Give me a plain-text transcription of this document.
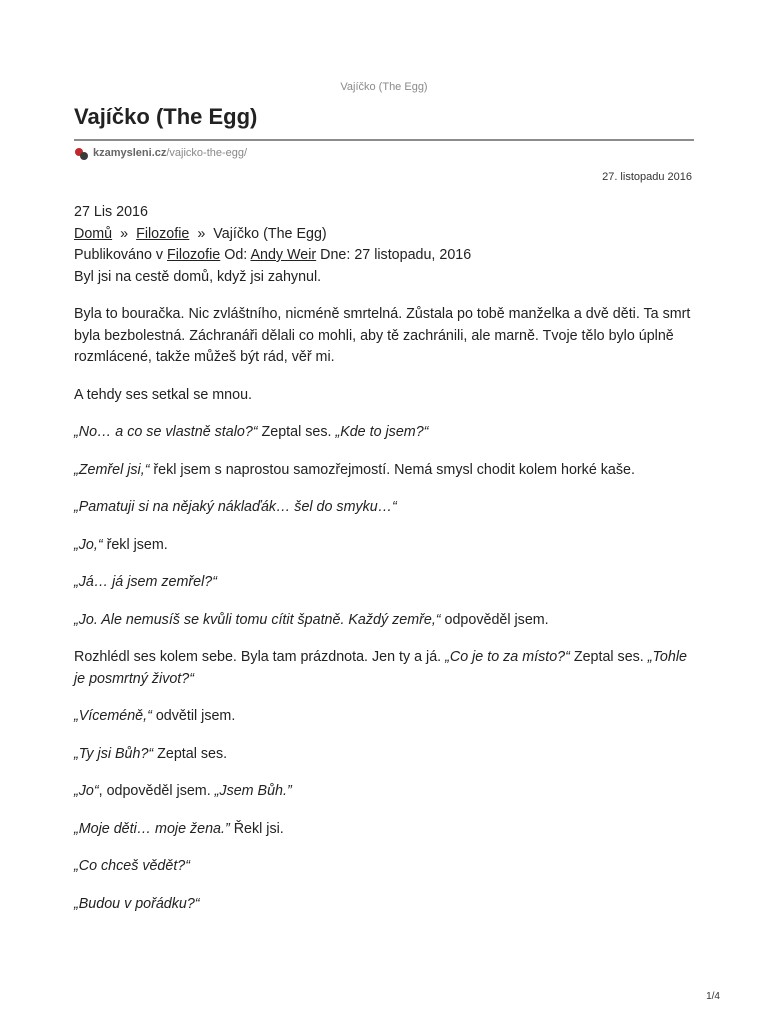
Vajíčko (The Egg)
Vajíčko (The Egg)
kzamysleni.cz /vajicko-the-egg/
27. listopadu 2016

27 Lis 2016

Domů » Filozofie » Vajíčko (The Egg)

Publikováno v Filozofie Od: Andy Weir Dne: 27 listopadu, 2016

Byl jsi na cestě domů, když jsi zahynul.

Byla to bouračka. Nic zvláštního, nicméně smrtelná. Zůstala po tobě manželka a dvě děti. Ta smrt byla bezbolestná. Záchranáři dělali co mohli, aby tě zachránili, ale marně. Tvoje tělo bylo úplně rozmlácené, takže můžeš být rád, věř mi.

A tehdy ses setkal se mnou.

„No… a co se vlastně stalo?“ Zeptal ses. „Kde to jsem?“

„Zemřel jsi,“ řekl jsem s naprostou samozřejmostí. Nemá smysl chodit kolem horké kaše.

„Pamatuji si na nějaký náklaďák… šel do smyku…“

„Jo,“ řekl jsem.

„Já… já jsem zemřel?“

„Jo. Ale nemusíš se kvůli tomu cítit špatně. Každý zemře,“ odpověděl jsem.

Rozhlédl ses kolem sebe. Byla tam prázdnota. Jen ty a já. „Co je to za místo?“ Zeptal ses. „Tohle je posmrtný život?“

„Víceméně,“ odvětil jsem.

„Ty jsi Bůh?“ Zeptal ses.

„Jo“, odpověděl jsem. „Jsem Bůh.”

„Moje děti… moje žena.” Řekl jsi.

„Co chceš vědět?“

„Budou v pořádku?“

1/4
